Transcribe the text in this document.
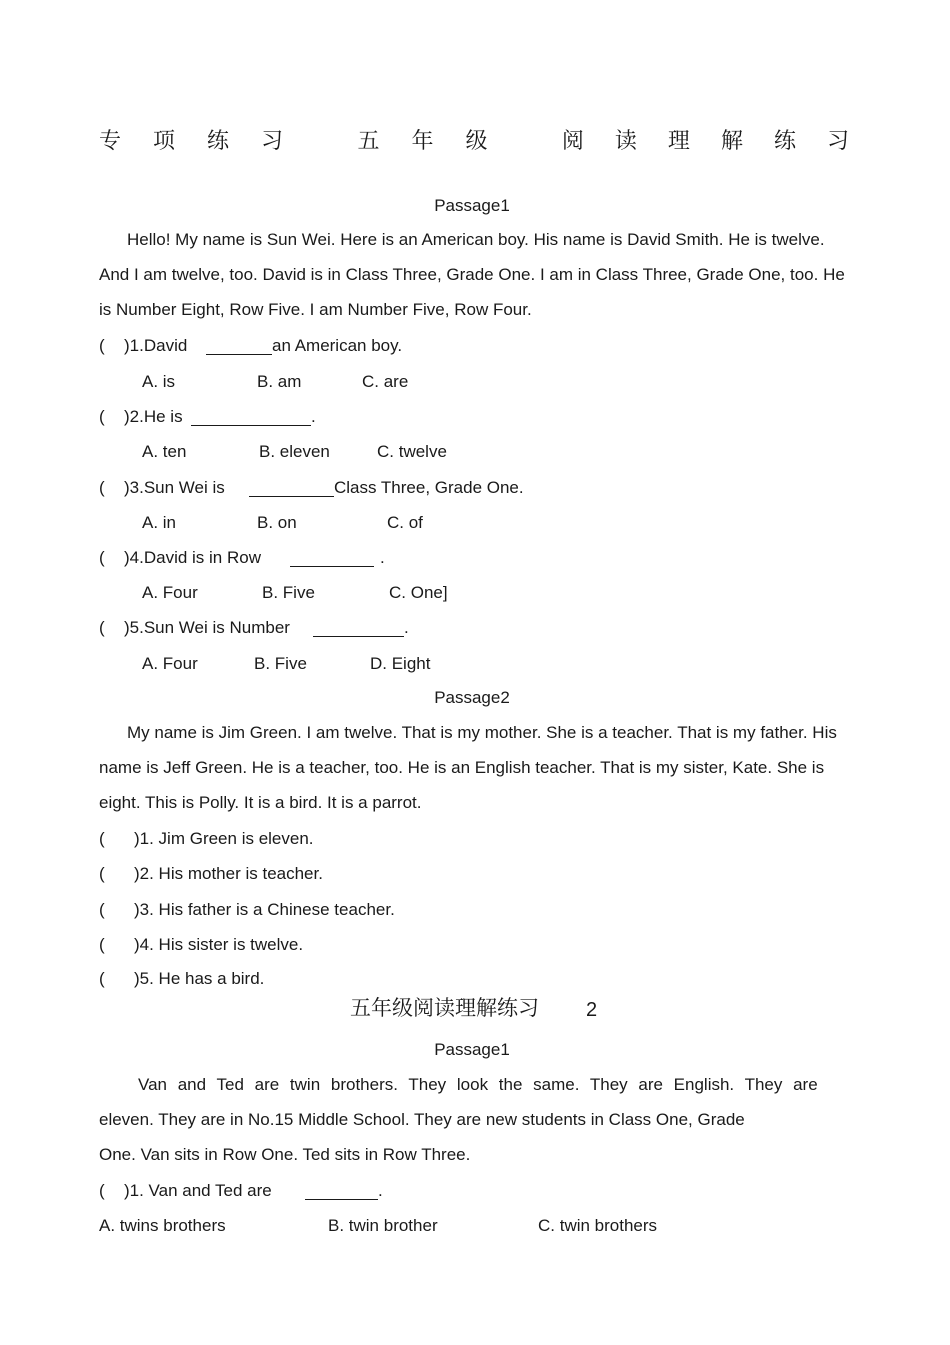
专 项 练 习	五 年 级	阅 读 理 解 练 习
Passage1
Hello! My name is Sun Wei. Here is an American boy. His name is David Smith. He is twelve. And I am twelve, too. David is in Class Three, Grade One. I am in Class Three, Grade One, too. He is Number Eight, Row Five. I am Number Five, Row Four.
( )1.David	an American boy.
A. is	B. am	C. are
( )2.He is	.
A. ten	B. eleven	C. twelve
( )3.Sun Wei is	Class Three, Grade One.
A. in	B. on	C. of
( )4.David is in Row	.
A. Four	B. Five	C. One]
( )5.Sun Wei is Number	.
A. Four	B. Five	D. Eight
Passage2
My name is Jim Green. I am twelve. That is my mother. She is a teacher. That is my father. His name is Jeff Green. He is a teacher, too. He is an English teacher. That is my sister, Kate. She is eight. This is Polly. It is a bird. It is a parrot.
( )1. Jim Green is eleven.
( )2. His mother is teacher.
( )3. His father is a Chinese teacher.
( )4. His sister is twelve.
( )5. He has a bird.
五年级阅读理解练习 2
Passage1
Van and Ted are twin brothers. They look the same. They are English. They are
eleven. They are in No.15 Middle School. They are new students in Class One, Grade
One. Van sits in Row One. Ted sits in Row Three.
( )1. Van and Ted are	.
A. twins brothers	B. twin brother	C. twin brothers
